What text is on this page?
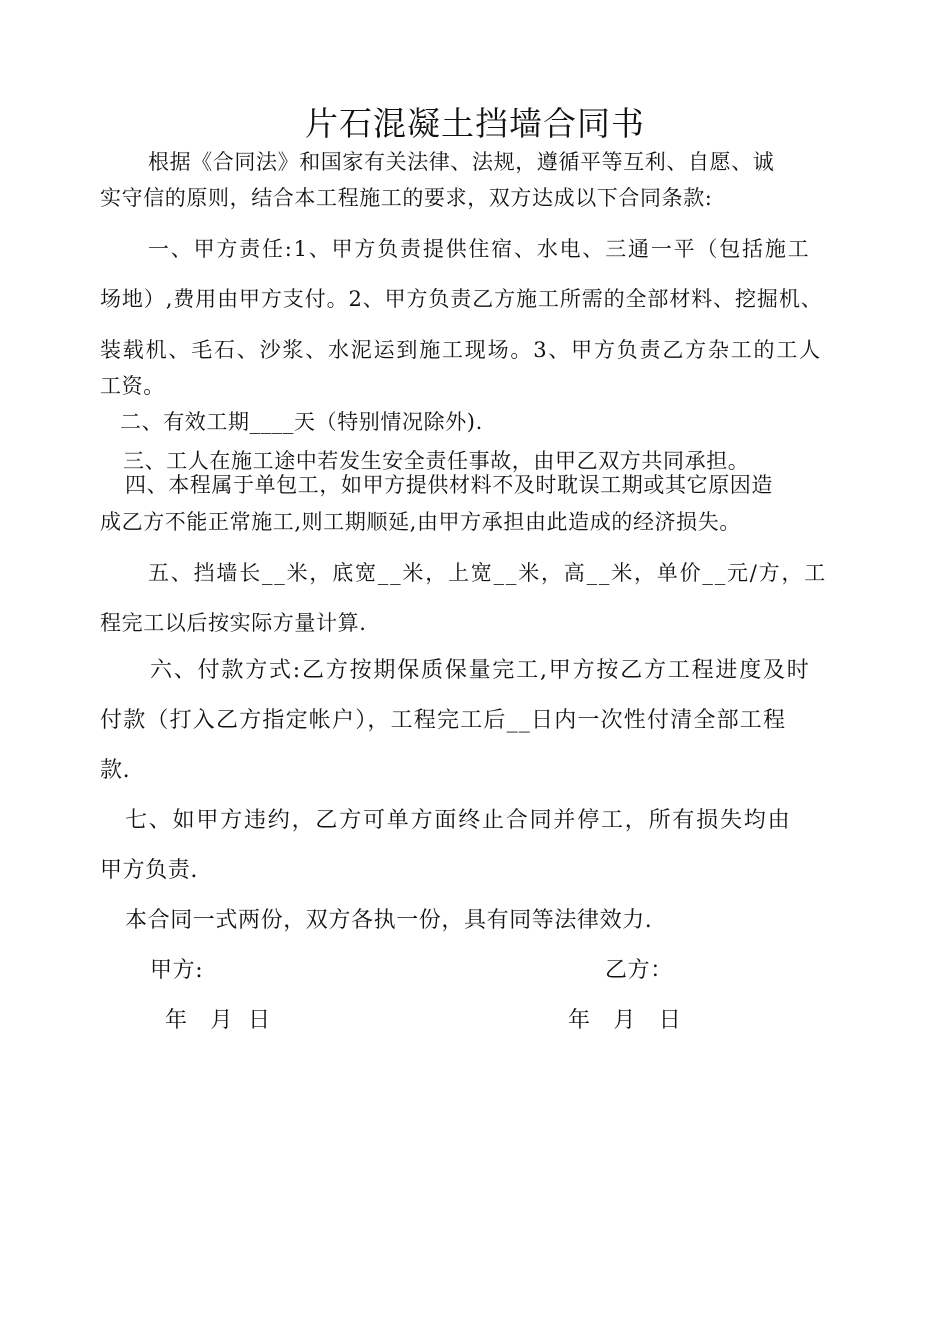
片石混凝土挡墙合同书
根据《合同法》和国家有关法律、法规，遵循平等互利、自愿、诚
实守信的原则，结合本工程施工的要求，双方达成以下合同条款:
一、甲方责任:1、甲方负责提供住宿、水电、三通一平（包括施工
场地）,费用由甲方支付。2、甲方负责乙方施工所需的全部材料、挖掘机、
装载机、毛石、沙浆、水泥运到施工现场。3、甲方负责乙方杂工的工人
工资。
二、有效工期____天（特别情况除外).
三、工人在施工途中若发生安全责任事故，由甲乙双方共同承担。
四、本程属于单包工，如甲方提供材料不及时耽误工期或其它原因造
成乙方不能正常施工,则工期顺延,由甲方承担由此造成的经济损失。
五、挡墙长__米，底宽__米，上宽__米，高__米，单价__元/方，工
程完工以后按实际方量计算.
六、付款方式:乙方按期保质保量完工,甲方按乙方工程进度及时
付款（打入乙方指定帐户），工程完工后__日内一次性付清全部工程
款.
七、如甲方违约，乙方可单方面终止合同并停工，所有损失均由
甲方负责.
本合同一式两份，双方各执一份，具有同等法律效力.
甲方:	乙方：
年   月  日	年   月   日
